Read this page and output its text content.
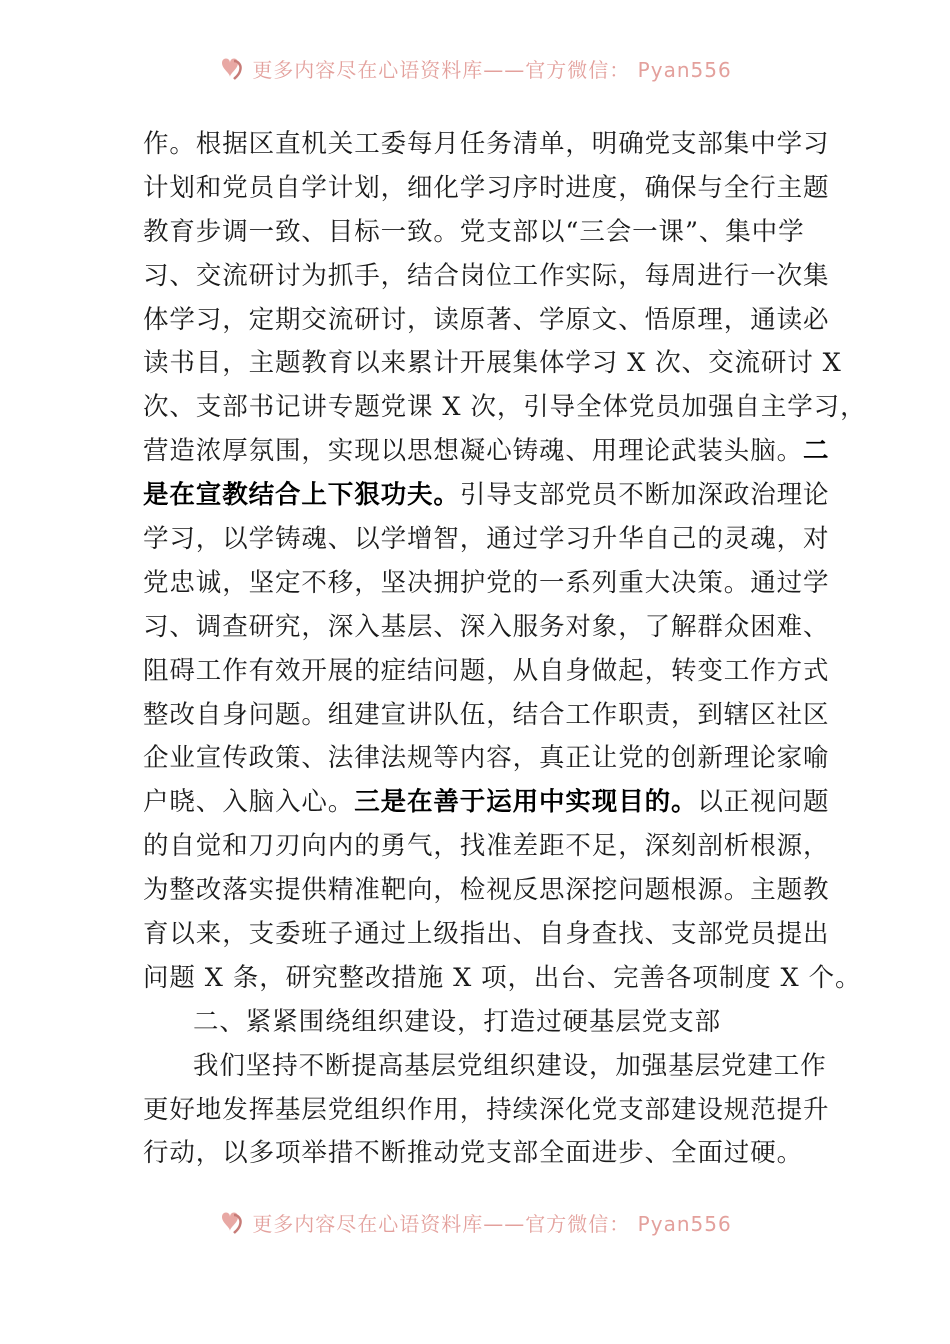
更多内容尽在心语资料库——官方微信： Pyan556
作。根据区直机关工委每月任务清单，明确党支部集中学习
计划和党员自学计划，细化学习序时进度，确保与全行主题
教育步调一致、目标一致。党支部以“三会一课”、集中学
习、交流研讨为抓手，结合岗位工作实际，每周进行一次集
体学习，定期交流研讨，读原著、学原文、悟原理，通读必
读书目，主题教育以来累计开展集体学习 X 次、交流研讨 X
次、支部书记讲专题党课 X 次，引导全体党员加强自主学习，
营造浓厚氛围，实现以思想凝心铸魂、用理论武装头脑。二
是在宣教结合上下狠功夫。引导支部党员不断加深政治理论
学习，以学铸魂、以学增智，通过学习升华自己的灵魂，对
党忠诚，坚定不移，坚决拥护党的一系列重大决策。通过学
习、调查研究，深入基层、深入服务对象，了解群众困难、
阻碍工作有效开展的症结问题，从自身做起，转变工作方式
整改自身问题。组建宣讲队伍，结合工作职责，到辖区社区
企业宣传政策、法律法规等内容，真正让党的创新理论家喻
户晓、入脑入心。三是在善于运用中实现目的。以正视问题
的自觉和刀刃向内的勇气，找准差距不足，深刻剖析根源，
为整改落实提供精准靶向，检视反思深挖问题根源。主题教
育以来，支委班子通过上级指出、自身查找、支部党员提出
问题 X 条，研究整改措施 X 项，出台、完善各项制度 X 个。
二、紧紧围绕组织建设，打造过硬基层党支部
我们坚持不断提高基层党组织建设，加强基层党建工作
更好地发挥基层党组织作用，持续深化党支部建设规范提升
行动，以多项举措不断推动党支部全面进步、全面过硬。
更多内容尽在心语资料库——官方微信： Pyan556
